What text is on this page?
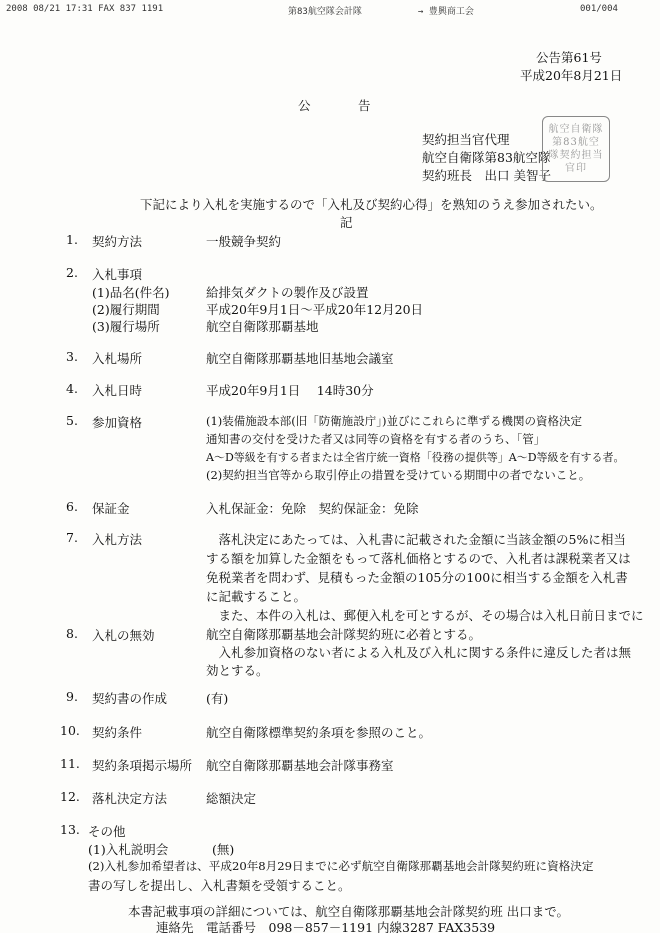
2008 08/21 17:31 FAX 837 1191	第83航空隊会計隊	→ 豊興商工会	001/004
公告第61号
平成20年8月21日
公	告
契約担当官代理
航空自衛隊第83航空隊
契約班長　出口 美智子
航空自衛隊第83航空隊契約担当官印
下記により入札を実施するので「入札及び契約心得」を熟知のうえ参加されたい。
記
1. 契約方法	一般競争契約
2. 入札事項
(1)品名(件名)	給排気ダクトの製作及び設置
(2)履行期間	平成20年9月1日～平成20年12月20日
(3)履行場所	航空自衛隊那覇基地
3. 入札場所	航空自衛隊那覇基地旧基地会議室
4. 入札日時	平成20年9月1日　 14時30分
5. 参加資格	(1)装備施設本部(旧「防衛施設庁」)並びにこれらに準ずる機関の資格決定
通知書の交付を受けた者又は同等の資格を有する者のうち、「管」
A～D等級を有する者または全省庁統一資格「役務の提供等」A～D等級を有する者。
(2)契約担当官等から取引停止の措置を受けている期間中の者でないこと。
6. 保証金	入札保証金：免除　契約保証金：免除
7. 入札方法	　落札決定にあたっては、入札書に記載された金額に当該金額の5%に相当
する額を加算した金額をもって落札価格とするので、入札者は課税業者又は
免税業者を問わず、見積もった金額の105分の100に相当する金額を入札書
に記載すること。
　また、本件の入札は、郵便入札を可とするが、その場合は入札日前日までに
航空自衛隊那覇基地会計隊契約班に必着とする。
8. 入札の無効
　入札参加資格のない者による入札及び入札に関する条件に違反した者は無
効とする。
9. 契約書の作成	(有)
10. 契約条件	航空自衛隊標準契約条項を参照のこと。
11. 契約条項掲示場所 航空自衛隊那覇基地会計隊事務室
12. 落札決定方法	総額決定
13. その他
(1)入札説明会	(無)
(2)入札参加希望者は、平成20年8月29日までに必ず航空自衛隊那覇基地会計隊契約班に資格決定
書の写しを提出し、入札書類を受領すること。
本書記載事項の詳細については、航空自衛隊那覇基地会計隊契約班 出口まで。
連絡先　電話番号　098－857－1191 内線3287 FAX3539
